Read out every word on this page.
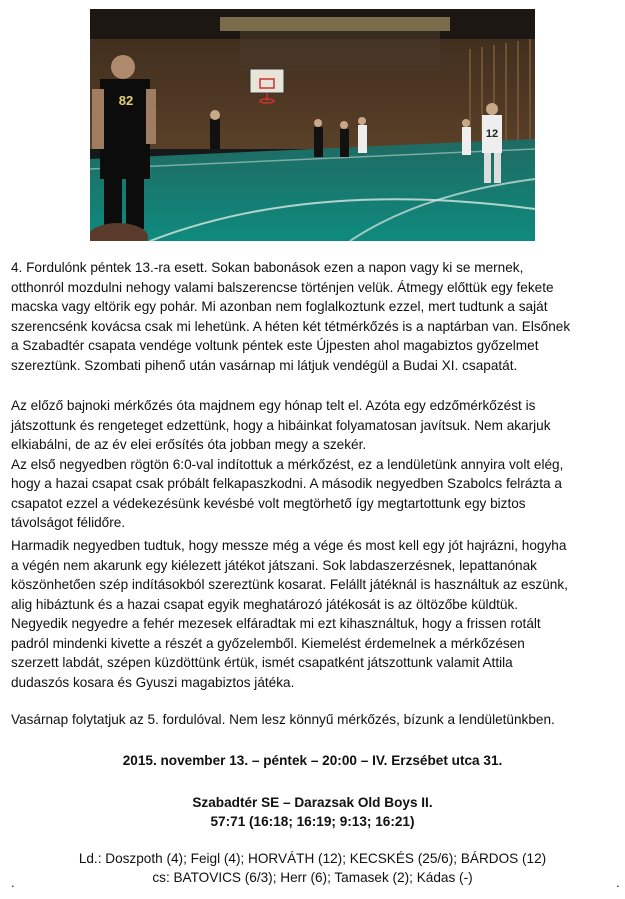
82
12
4. Fordulónk péntek 13.-ra esett. Sokan babonások ezen a napon vagy ki se mernek,
otthonról mozdulni nehogy valami balszerencse történjen velük. Átmegy előttük egy fekete
macska vagy eltörik egy pohár. Mi azonban nem foglalkoztunk ezzel, mert tudtunk a saját
szerencsénk kovácsa csak mi lehetünk. A héten két tétmérkőzés is a naptárban van. Elsőnek
a Szabadtér csapata vendége voltunk péntek este Újpesten ahol magabiztos győzelmet
szereztünk. Szombati pihenő után vasárnap mi látjuk vendégül a Budai XI. csapatát.
Az előző bajnoki mérkőzés óta majdnem egy hónap telt el. Azóta egy edzőmérkőzést is
játszottunk és rengeteget edzettünk, hogy a hibáinkat folyamatosan javítsuk. Nem akarjuk
elkiabálni, de az év elei erősítés óta jobban megy a szekér.
Az első negyedben rögtön 6:0-val indítottuk a mérkőzést, ez a lendületünk annyira volt elég,
hogy a hazai csapat csak próbált felkapaszkodni. A második negyedben Szabolcs felrázta a
csapatot ezzel a védekezésünk kevésbé volt megtörhető így megtartottunk egy biztos
távolságot félidőre.
Harmadik negyedben tudtuk, hogy messze még a vége és most kell egy jót hajrázni, hogyha
a végén nem akarunk egy kiélezett játékot játszani. Sok labdaszerzésnek, lepattanónak
köszönhetően szép indításokból szereztünk kosarat. Felállt játéknál is használtuk az eszünk,
alig hibáztunk és a hazai csapat egyik meghatározó játékosát is az öltözőbe küldtük.
Negyedik negyedre a fehér mezesek elfáradtak mi ezt kihasználtuk, hogy a frissen rotált
padról mindenki kivette a részét a győzelemből. Kiemelést érdemelnek a mérkőzésen
szerzett labdát, szépen küzdöttünk értük, ismét csapatként játszottunk valamit Attila
dudaszós kosara és Gyuszi magabiztos játéka.
Vasárnap folytatjuk az 5. fordulóval. Nem lesz könnyű mérkőzés, bízunk a lendületünkben.
2015. november 13. – péntek – 20:00 – IV. Erzsébet utca 31.
Szabadtér SE – Darazsak Old Boys II.
57:71 (16:18; 16:19; 9:13; 16:21)
Ld.: Doszpoth (4); Feigl (4); HORVÁTH (12); KECSKÉS (25/6); BÁRDOS (12)
cs: BATOVICS (6/3); Herr (6); Tamasek (2); Kádas (-)
.	.
